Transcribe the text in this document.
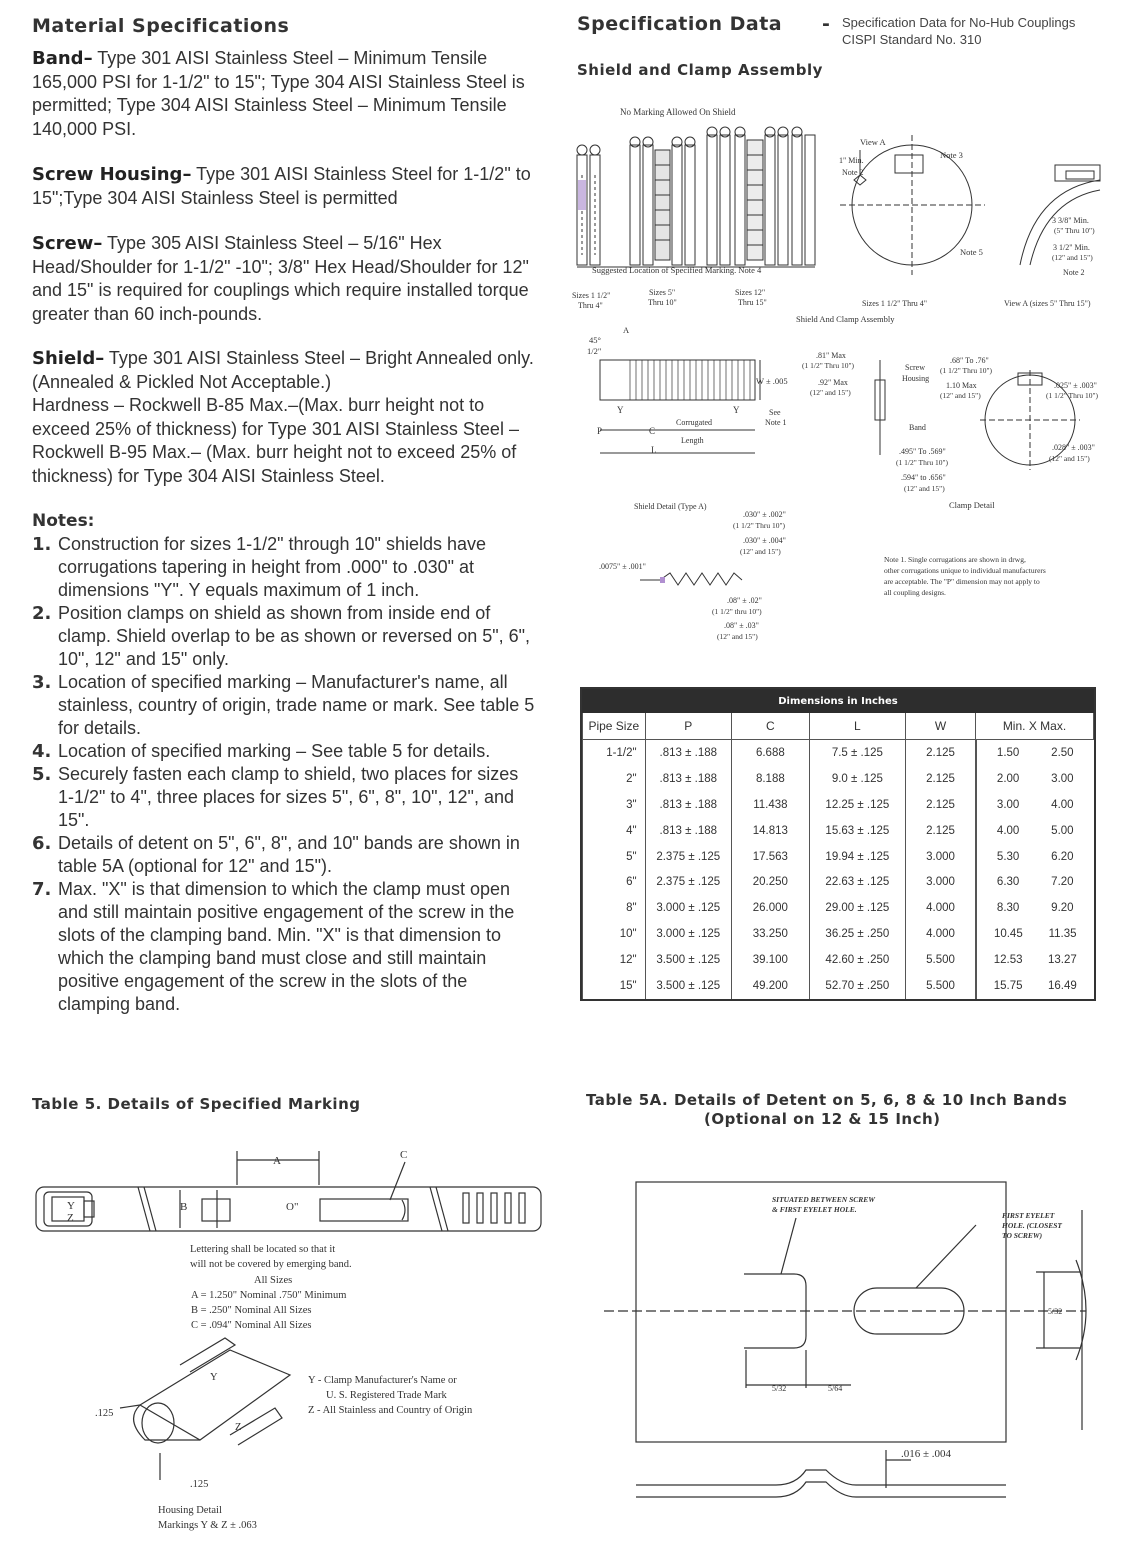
Material Specifications
Band– Type 301 AISI Stainless Steel – Minimum Tensile 165,000 PSI for 1-1/2" to 15"; Type 304 AISI Stainless Steel is permitted; Type 304 AISI Stainless Steel – Minimum Tensile 140,000 PSI.
Screw Housing– Type 301 AISI Stainless Steel for 1-1/2" to 15";Type 304 AISI Stainless Steel is permitted
Screw– Type 305 AISI Stainless Steel – 5/16" Hex Head/Shoulder for 1-1/2" -10"; 3/8" Hex Head/Shoulder for 12" and 15" is required for couplings which require installed torque greater than 60 inch-pounds.
Shield– Type 301 AISI Stainless Steel – Bright Annealed only. (Annealed & Pickled Not Acceptable.)
Hardness – Rockwell B-85 Max.–(Max. burr height not to exceed 25% of thickness) for Type 301 AISI Stainless Steel – Rockwell B-95 Max.– (Max. burr height not to exceed 25% of thickness) for Type 304 AISI Stainless Steel.
Notes:
1. Construction for sizes 1-1/2" through 10" shields have corrugations tapering in height from .000" to .030" at dimensions "Y". Y equals maximum of 1 inch.
2. Position clamps on shield as shown from inside end of clamp. Shield overlap to be as shown or reversed on 5", 6", 10", 12" and 15" only.
3. Location of specified marking – Manufacturer's name, all stainless, country of origin, trade name or mark. See table 5 for details.
4. Location of specified marking – See table 5 for details.
5. Securely fasten each clamp to shield, two places for sizes 1-1/2" to 4", three places for sizes 5", 6", 8", 10", 12", and 15".
6. Details of detent on 5", 6", 8", and 10" bands are shown in table 5A (optional for 12" and 15").
7. Max. "X" is that dimension to which the clamp must open and still maintain positive engagement of the screw in the slots of the clamping band. Min. "X" is that dimension to which the clamping band must close and still maintain positive engagement of the screw in the slots of the clamping band.
Specification Data - Specification Data for No-Hub Couplings
CISPI Standard No. 310
Shield and Clamp Assembly
No Marking Allowed On Shield
Suggested Location of Specified Marking. Note 4
Sizes 1 1/2"
Thru 4"
Sizes 5"
Thru 10"
Sizes 12"
Thru 15"
View A
1" Min.
Note 2
Note 3
Note 5
Sizes 1 1/2" Thru 4"	View A (sizes 5" Thru 15")
3 3/8" Min.
(5" Thru 10")
3 1/2" Min.
(12" and 15")
Note 2
Shield And Clamp Assembly
45°
1/2"
A
W ± .005
Y	Y
P	C
Corrugated
Length
L
See
Note 1
.81" Max
(1 1/2" Thru 10")
.92" Max
(12" and 15")
Screw
Housing
Band
.68" To .76"
(1 1/2" Thru 10")
1.10 Max
(12" and 15")
.025" ± .003"
(1 1/2" Thru 10")
.028" ± .003"
(12" and 15")
.495" To .569"
(1 1/2" Thru 10")
.594" to .656"
(12" and 15")
Clamp Detail
Shield Detail (Type A)
.030" ± .002"
(1 1/2" Thru 10")
.030" ± .004"
(12" and 15")
.0075" ± .001"
.08" ± .02"
(1 1/2" thru 10")
.08" ± .03"
(12" and 15")
Note 1. Single corrugations are shown in drwg,
other corrugations unique to individual manufacturers
are acceptable. The "P" dimension may not apply to
all coupling designs.
Dimensions in Inches					
Pipe Size	P	C	L	W	Min. X Max.
1-1/2"	.813 ± .188	6.688	7.5 ± .125	2.125		1.50	2.50

2"	.813 ± .188	8.188	9.0 ± .125	2.125		2.00	3.00

3"	.813 ± .188	11.438	12.25 ± .125	2.125		3.00	4.00

4"	.813 ± .188	14.813	15.63 ± .125	2.125		4.00	5.00

5"	2.375 ± .125	17.563	19.94 ± .125	3.000		5.30	6.20

6"	2.375 ± .125	20.250	22.63 ± .125	3.000		6.30	7.20

8"	3.000 ± .125	26.000	29.00 ± .125	4.000		8.30	9.20

10"	3.000 ± .125	33.250	36.25 ± .250	4.000		10.45 11.35

12"	3.500 ± .125	39.100	42.60 ± .250	5.500		12.53 13.27

15"	3.500 ± .125	49.200	52.70 ± .250	5.500		15.75 16.49
Table 5. Details of Specified Marking
Y
Z
A
B
C
O"
Lettering shall be located so that it
will not be covered by emerging band.
All Sizes
A = 1.250" Nominal .750" Minimum
B = .250" Nominal All Sizes
C = .094" Nominal All Sizes
Y - Clamp Manufacturer's Name or
U. S. Registered Trade Mark
Z - All Stainless and Country of Origin
.125
.125
Y
Z
Housing Detail
Markings Y & Z ± .063
Table 5A. Details of Detent on 5, 6, 8 & 10 Inch Bands
(Optional on 12 & 15 Inch)
SITUATED BETWEEN SCREW
& FIRST EYELET HOLE.
FIRST EYELET
HOLE. (CLOSEST
TO SCREW)
5/32
5/32	5/64
.016 ± .004
